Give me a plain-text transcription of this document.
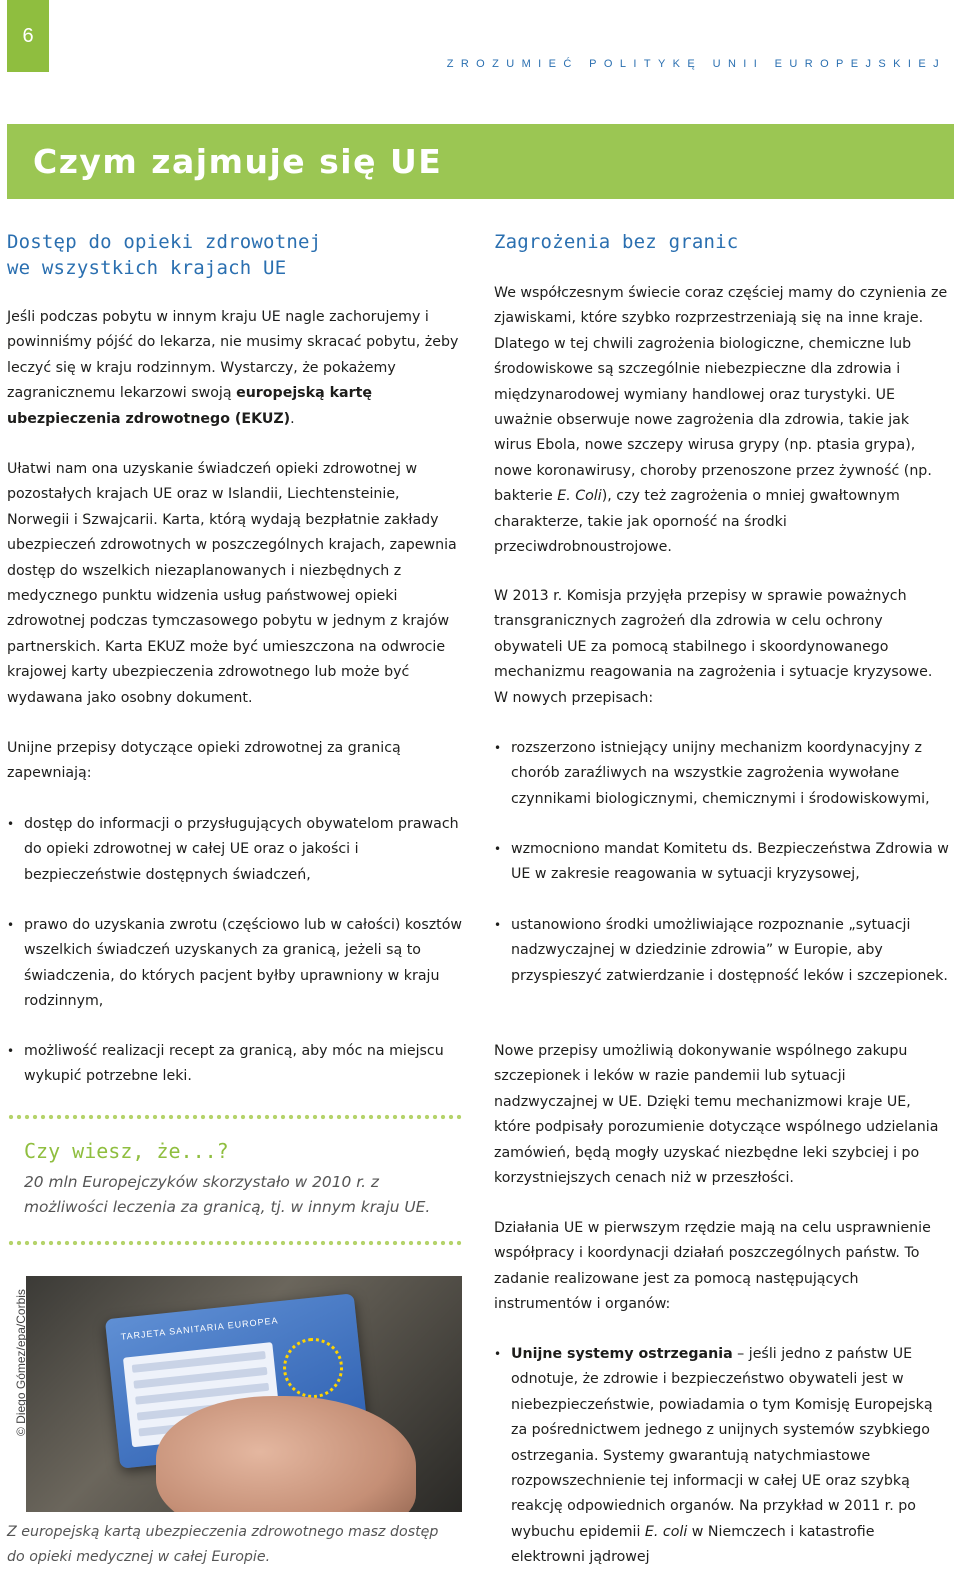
6
ZROZUMIEĆ POLITYKĘ UNII EUROPEJSKIEJ
Czym zajmuje się UE
Dostęp do opieki zdrowotnej
we wszystkich krajach UE

Jeśli podczas pobytu w innym kraju UE nagle zachorujemy i powinniśmy pójść do lekarza, nie musimy skracać pobytu, żeby leczyć się w kraju rodzinnym. Wystarczy, że pokażemy zagranicznemu lekarzowi swoją europejską kartę ubezpieczenia zdrowotnego (EKUZ).

Ułatwi nam ona uzyskanie świadczeń opieki zdrowotnej w pozostałych krajach UE oraz w Islandii, Liechtensteinie, Norwegii i Szwajcarii. Karta, którą wydają bezpłatnie zakłady ubezpieczeń zdrowotnych w poszczególnych krajach, zapewnia dostęp do wszelkich niezaplanowanych i niezbędnych z medycznego punktu widzenia usług państwowej opieki zdrowotnej podczas tymczasowego pobytu w jednym z krajów partnerskich. Karta EKUZ może być umieszczona na odwrocie krajowej karty ubezpieczenia zdrowotnego lub może być wydawana jako osobny dokument.

Unijne przepisy dotyczące opieki zdrowotnej za granicą zapewniają:

• dostęp do informacji o przysługujących obywatelom prawach do opieki zdrowotnej w całej UE oraz o jakości i bezpieczeństwie dostępnych świadczeń,
• prawo do uzyskania zwrotu (częściowo lub w całości) kosztów wszelkich świadczeń uzyskanych za granicą, jeżeli są to świadczenia, do których pacjent byłby uprawniony w kraju rodzinnym,
• możliwość realizacji recept za granicą, aby móc na miejscu wykupić potrzebne leki.
Czy wiesz, że...?
20 mln Europejczyków skorzystało w 2010 r. z możliwości leczenia za granicą, tj. w innym kraju UE.
TARJETA SANITARIA EUROPEA
© Diego Gómez/epa/Corbis
Z europejską kartą ubezpieczenia zdrowotnego masz dostęp do opieki medycznej w całej Europie.
Zagrożenia bez granic

We współczesnym świecie coraz częściej mamy do czynienia ze zjawiskami, które szybko rozprzestrzeniają się na inne kraje. Dlatego w tej chwili zagrożenia biologiczne, chemiczne lub środowiskowe są szczególnie niebezpieczne dla zdrowia i międzynarodowej wymiany handlowej oraz turystyki. UE uważnie obserwuje nowe zagrożenia dla zdrowia, takie jak wirus Ebola, nowe szczepy wirusa grypy (np. ptasia grypa), nowe koronawirusy, choroby przenoszone przez żywność (np. bakterie E. Coli), czy też zagrożenia o mniej gwałtownym charakterze, takie jak oporność na środki przeciwdrobnoustrojowe.

W 2013 r. Komisja przyjęła przepisy w sprawie poważnych transgranicznych zagrożeń dla zdrowia w celu ochrony obywateli UE za pomocą stabilnego i skoordynowanego mechanizmu reagowania na zagrożenia i sytuacje kryzysowe. W nowych przepisach:

• rozszerzono istniejący unijny mechanizm koordynacyjny z chorób zaraźliwych na wszystkie zagrożenia wywołane czynnikami biologicznymi, chemicznymi i środowiskowymi,
• wzmocniono mandat Komitetu ds. Bezpieczeństwa Zdrowia w UE w zakresie reagowania w sytuacji kryzysowej,
• ustanowiono środki umożliwiające rozpoznanie „sytuacji nadzwyczajnej w dziedzinie zdrowia” w Europie, aby przyspieszyć zatwierdzanie i dostępność leków i szczepionek.

Nowe przepisy umożliwią dokonywanie wspólnego zakupu szczepionek i leków w razie pandemii lub sytuacji nadzwyczajnej w UE. Dzięki temu mechanizmowi kraje UE, które podpisały porozumienie dotyczące wspólnego udzielania zamówień, będą mogły uzyskać niezbędne leki szybciej i po korzystniejszych cenach niż w przeszłości.

Działania UE w pierwszym rzędzie mają na celu usprawnienie współpracy i koordynacji działań poszczególnych państw. To zadanie realizowane jest za pomocą następujących instrumentów i organów:

• Unijne systemy ostrzegania – jeśli jedno z państw UE odnotuje, że zdrowie i bezpieczeństwo obywateli jest w niebezpieczeństwie, powiadamia o tym Komisję Europejską za pośrednictwem jednego z unijnych systemów szybkiego ostrzegania. Systemy gwarantują natychmiastowe rozpowszechnienie tej informacji w całej UE oraz szybką reakcję odpowiednich organów. Na przykład w 2011 r. po wybuchu epidemii E. coli w Niemczech i katastrofie elektrowni jądrowej
